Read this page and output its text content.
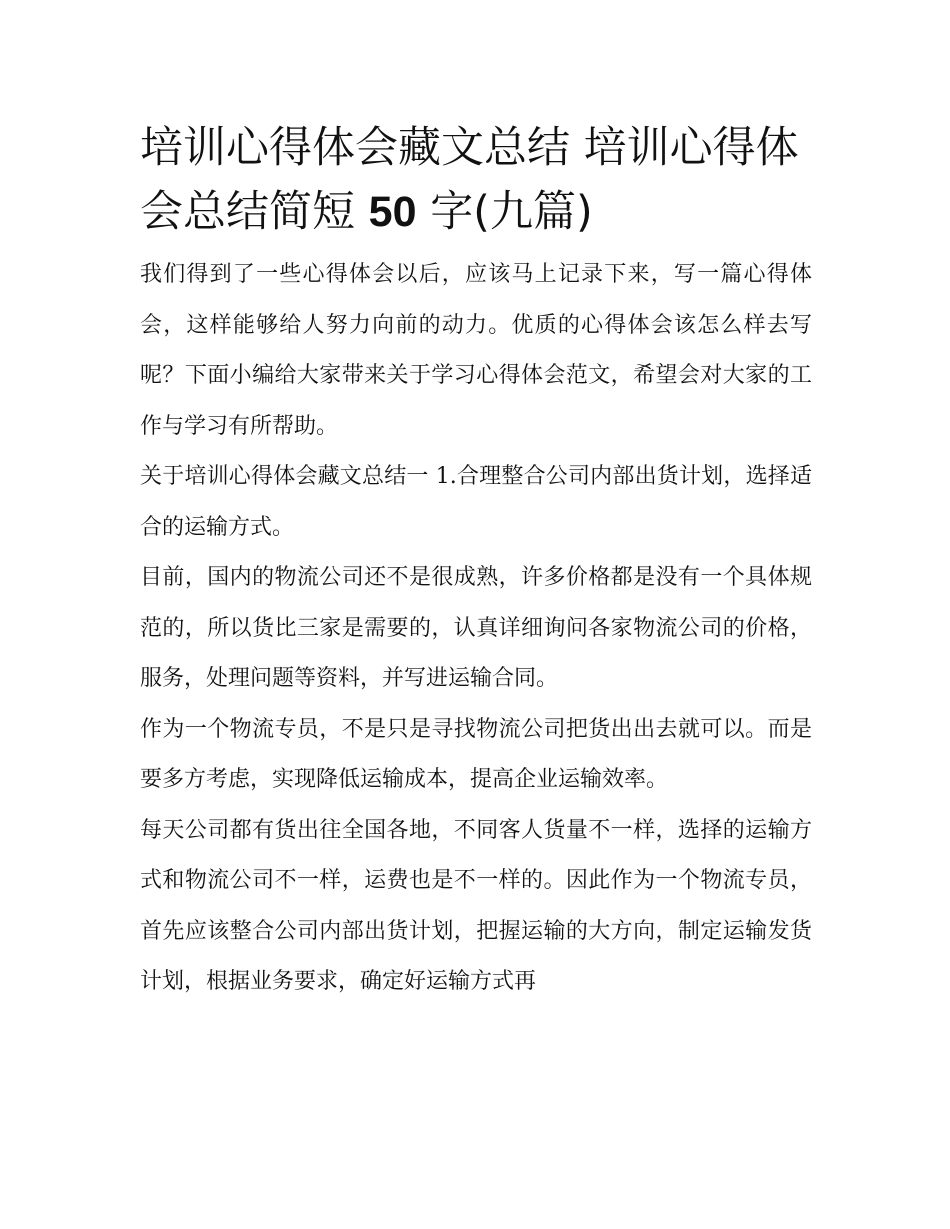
培训心得体会藏文总结 培训心得体会总结简短 50 字(九篇)

我们得到了一些心得体会以后，应该马上记录下来，写一篇心得体会，这样能够给人努力向前的动力。优质的心得体会该怎么样去写呢？下面小编给大家带来关于学习心得体会范文，希望会对大家的工作与学习有所帮助。

关于培训心得体会藏文总结一 1.合理整合公司内部出货计划，选择适合的运输方式。

目前，国内的物流公司还不是很成熟，许多价格都是没有一个具体规范的，所以货比三家是需要的，认真详细询问各家物流公司的价格，服务，处理问题等资料，并写进运输合同。

作为一个物流专员，不是只是寻找物流公司把货出出去就可以。而是要多方考虑，实现降低运输成本，提高企业运输效率。

每天公司都有货出往全国各地，不同客人货量不一样，选择的运输方式和物流公司不一样，运费也是不一样的。因此作为一个物流专员，首先应该整合公司内部出货计划，把握运输的大方向，制定运输发货计划，根据业务要求，确定好运输方式再
